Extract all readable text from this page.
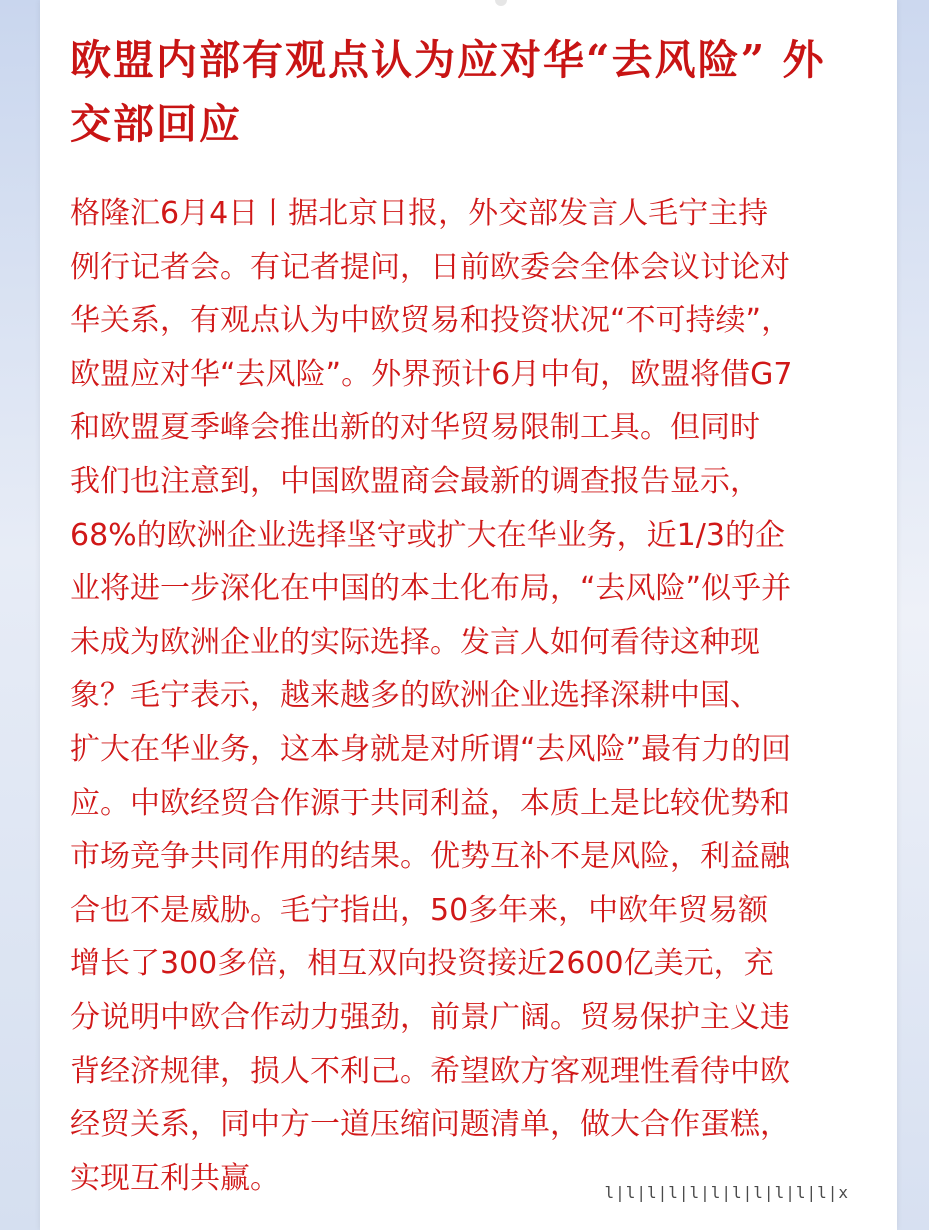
欧盟内部有观点认为应对华“去风险” 外
交部回应

格隆汇6月4日丨据北京日报，外交部发言人毛宁主持
例行记者会。有记者提问，日前欧委会全体会议讨论对
华关系，有观点认为中欧贸易和投资状况“不可持续”，
欧盟应对华“去风险”。外界预计6月中旬，欧盟将借G7
和欧盟夏季峰会推出新的对华贸易限制工具。但同时
我们也注意到，中国欧盟商会最新的调查报告显示，
68%的欧洲企业选择坚守或扩大在华业务，近1/3的企
业将进一步深化在中国的本土化布局，“去风险”似乎并
未成为欧洲企业的实际选择。发言人如何看待这种现
象？毛宁表示，越来越多的欧洲企业选择深耕中国、
扩大在华业务，这本身就是对所谓“去风险”最有力的回
应。中欧经贸合作源于共同利益，本质上是比较优势和
市场竞争共同作用的结果。优势互补不是风险，利益融
合也不是威胁。毛宁指出，50多年来，中欧年贸易额
增长了300多倍，相互双向投资接近2600亿美元，充
分说明中欧合作动力强劲，前景广阔。贸易保护主义违
背经济规律，损人不利己。希望欧方客观理性看待中欧
经贸关系，同中方一道压缩问题清单，做大合作蛋糕，
实现互利共赢。	l|l|l|l|l|l|l|l|l|l|l|x
